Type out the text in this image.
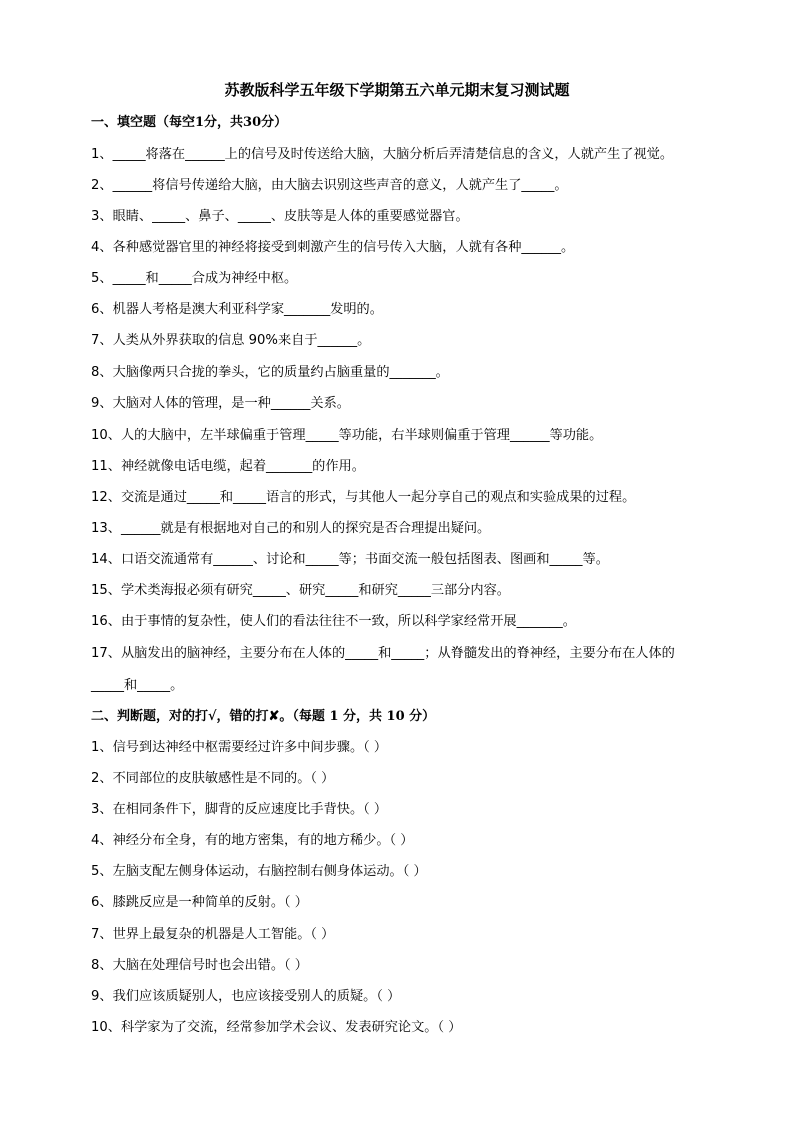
苏教版科学五年级下学期第五六单元期末复习测试题
一、填空题（每空1分，共30分）
1、_____将落在______上的信号及时传送给大脑，大脑分析后弄清楚信息的含义，人就产生了视觉。
2、______将信号传递给大脑，由大脑去识别这些声音的意义，人就产生了_____。
3、眼睛、_____、鼻子、_____、皮肤等是人体的重要感觉器官。
4、各种感觉器官里的神经将接受到刺激产生的信号传入大脑，人就有各种______。
5、_____和_____合成为神经中枢。
6、机器人考格是澳大利亚科学家_______发明的。
7、人类从外界获取的信息 90%来自于______。
8、大脑像两只合拢的拳头，它的质量约占脑重量的_______。
9、大脑对人体的管理，是一种______关系。
10、人的大脑中，左半球偏重于管理_____等功能，右半球则偏重于管理______等功能。
11、神经就像电话电缆，起着_______的作用。
12、交流是通过_____和_____语言的形式，与其他人一起分享自己的观点和实验成果的过程。
13、______就是有根据地对自己的和别人的探究是否合理提出疑问。
14、口语交流通常有______、讨论和_____等；书面交流一般包括图表、图画和_____等。
15、学术类海报必须有研究_____、研究_____和研究_____三部分内容。
16、由于事情的复杂性，使人们的看法往往不一致，所以科学家经常开展_______。
17、从脑发出的脑神经，主要分布在人体的_____和_____；从脊髓发出的脊神经，主要分布在人体的
_____和_____。
二、判断题，对的打√，错的打✘。（每题 1 分，共 10 分）
1、信号到达神经中枢需要经过许多中间步骤。（ ）
2、不同部位的皮肤敏感性是不同的。（ ）
3、在相同条件下，脚背的反应速度比手背快。（ ）
4、神经分布全身，有的地方密集，有的地方稀少。（ ）
5、左脑支配左侧身体运动，右脑控制右侧身体运动。（ ）
6、膝跳反应是一种简单的反射。（ ）
7、世界上最复杂的机器是人工智能。（ ）
8、大脑在处理信号时也会出错。（ ）
9、我们应该质疑别人，也应该接受别人的质疑。（ ）
10、科学家为了交流，经常参加学术会议、发表研究论文。（ ）
